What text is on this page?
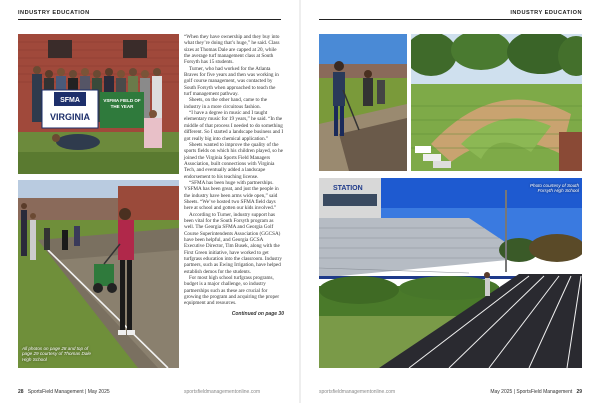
INDUSTRY EDUCATION	INDUSTRY EDUCATION
SFMA
VIRGINIA
VSFMA FIELD OF
THE YEAR
All photos on page 28 and top of page 29 courtesy of Thomas Dale High School

“When they have ownership and they buy into what they’re doing that’s huge,” he said. Class sizes at Thomas Dale are capped at 20, while the average turf management class at South Forsyth has 15 students.

Turner, who had worked for the Atlanta Braves for five years and then was working in golf course management, was contacted by South Forsyth when approached to teach the turf management pathway.

Sheets, on the other hand, came to the industry in a more circuitous fashion.

“I have a degree in music and I taught elementary music for 19 years,” he said. “In the middle of that process I needed to do something different. So I started a landscape business and I got really big into chemical application.”

Sheets wanted to improve the quality of the sports fields on which his children played, so he joined the Virginia Sports Field Managers Association, built connections with Virginia Tech, and eventually added a landscape endorsement to his teaching license.

“SFMA has been huge with partnerships. VSFMA has been great, and just the people in the industry have been arms wide open,” said Sheets. “We’ve hosted two SFMA field days here at school and gotten our kids involved.”

According to Turner, industry support has been vital for the South Forsyth program as well. The Georgia SFMA and Georgia Golf Course Superintendents Association (GGCSA) have been helpful, and Georgia GCSA Executive Director, Tim Busek, along with the First Green initiative, have worked to get turfgrass education into the classroom. Industry partners, such as Ewing Irrigation, have helped establish demos for the students.

For most high school turfgrass programs, budget is a major challenge, so industry partnerships such as these are crucial for growing the program and acquiring the proper equipment and resources.

Continued on page 30
STATION	Photo courtesy of South Forsyth High School
28 SportsField Management | May 2025	sportsfieldmanagementonline.com	sportsfieldmanagementonline.com	May 2025 | SportsField Management 29
